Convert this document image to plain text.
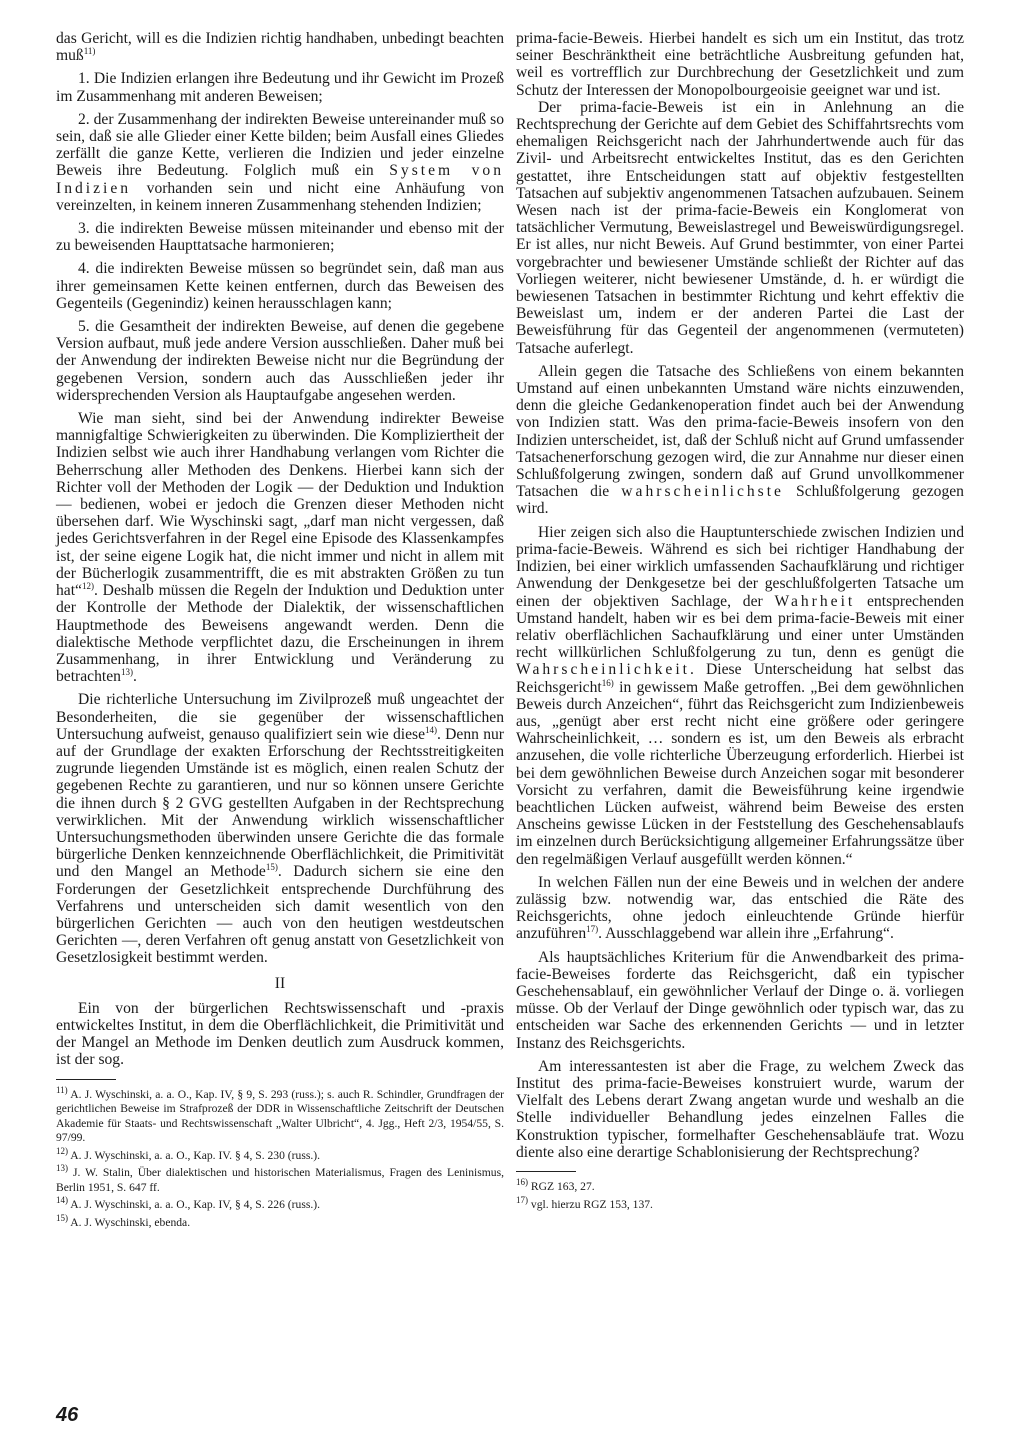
das Gericht, will es die Indizien richtig handhaben, unbedingt beachten muß$^{11)}$

1. Die Indizien erlangen ihre Bedeutung und ihr Gewicht im Prozeß im Zusammenhang mit anderen Beweisen;

2. der Zusammenhang der indirekten Beweise untereinander muß so sein, daß sie alle Glieder einer Kette bilden; beim Ausfall eines Gliedes zerfällt die ganze Kette, verlieren die Indizien und jeder einzelne Beweis ihre Bedeutung. Folglich muß ein System von Indizien vorhanden sein und nicht eine Anhäufung von vereinzelten, in keinem inneren Zusammenhang stehenden Indizien;

3. die indirekten Beweise müssen miteinander und ebenso mit der zu beweisenden Haupttatsache harmonieren;

4. die indirekten Beweise müssen so begründet sein, daß man aus ihrer gemeinsamen Kette keinen entfernen, durch das Beweisen des Gegenteils (Gegenindiz) keinen herausschlagen kann;

5. die Gesamtheit der indirekten Beweise, auf denen die gegebene Version aufbaut, muß jede andere Version ausschließen. Daher muß bei der Anwendung der indirekten Beweise nicht nur die Begründung der gegebenen Version, sondern auch das Ausschließen jeder ihr widersprechenden Version als Hauptaufgabe angesehen werden.

Wie man sieht, sind bei der Anwendung indirekter Beweise mannigfaltige Schwierigkeiten zu überwinden. Die Kompliziertheit der Indizien selbst wie auch ihrer Handhabung verlangen vom Richter die Beherrschung aller Methoden des Denkens. Hierbei kann sich der Richter voll der Methoden der Logik — der Deduktion und Induktion — bedienen, wobei er jedoch die Grenzen dieser Methoden nicht übersehen darf. Wie Wyschinski sagt, „darf man nicht vergessen, daß jedes Gerichtsverfahren in der Regel eine Episode des Klassenkampfes ist, der seine eigene Logik hat, die nicht immer und nicht in allem mit der Bücherlogik zusammentrifft, die es mit abstrakten Größen zu tun hat“$^{12)}$. Deshalb müssen die Regeln der Induktion und Deduktion unter der Kontrolle der Methode der Dialektik, der wissenschaftlichen Hauptmethode des Beweisens angewandt werden. Denn die dialektische Methode verpflichtet dazu, die Erscheinungen in ihrem Zusammenhang, in ihrer Entwicklung und Veränderung zu betrachten$^{13)}$.

Die richterliche Untersuchung im Zivilprozeß muß ungeachtet der Besonderheiten, die sie gegenüber der wissenschaftlichen Untersuchung aufweist, genauso qualifiziert sein wie diese$^{14)}$. Denn nur auf der Grundlage der exakten Erforschung der Rechtsstreitigkeiten zugrunde liegenden Umstände ist es möglich, einen realen Schutz der gegebenen Rechte zu garantieren, und nur so können unsere Gerichte die ihnen durch § 2 GVG gestellten Aufgaben in der Rechtsprechung verwirklichen. Mit der Anwendung wirklich wissenschaftlicher Untersuchungsmethoden überwinden unsere Gerichte die das formale bürgerliche Denken kennzeichnende Oberflächlichkeit, die Primitivität und den Mangel an Methode$^{15)}$. Dadurch sichern sie eine den Forderungen der Gesetzlichkeit entsprechende Durchführung des Verfahrens und unterscheiden sich damit wesentlich von den bürgerlichen Gerichten — auch von den heutigen westdeutschen Gerichten —, deren Verfahren oft genug anstatt von Gesetzlichkeit von Gesetzlosigkeit bestimmt werden.

II

Ein von der bürgerlichen Rechtswissenschaft und -praxis entwickeltes Institut, in dem die Oberflächlichkeit, die Primitivität und der Mangel an Methode im Denken deutlich zum Ausdruck kommen, ist der sog.

$^{11)}$ A. J. Wyschinski, a. a. O., Kap. IV, § 9, S. 293 (russ.); s. auch R. Schindler, Grundfragen der gerichtlichen Beweise im Strafprozeß der DDR in Wissenschaftliche Zeitschrift der Deutschen Akademie für Staats- und Rechtswissenschaft „Walter Ulbricht“, 4. Jgg., Heft 2/3, 1954/55, S. 97/99.

$^{12)}$ A. J. Wyschinski, a. a. O., Kap. IV. § 4, S. 230 (russ.).

$^{13)}$ J. W. Stalin, Über dialektischen und historischen Materialismus, Fragen des Leninismus, Berlin 1951, S. 647 ff.

$^{14)}$ A. J. Wyschinski, a. a. O., Kap. IV, § 4, S. 226 (russ.).

$^{15)}$ A. J. Wyschinski, ebenda.

prima-facie-Beweis. Hierbei handelt es sich um ein Institut, das trotz seiner Beschränktheit eine beträchtliche Ausbreitung gefunden hat, weil es vortrefflich zur Durchbrechung der Gesetzlichkeit und zum Schutz der Interessen der Monopolbourgeoisie geeignet war und ist.

Der prima-facie-Beweis ist ein in Anlehnung an die Rechtsprechung der Gerichte auf dem Gebiet des Schiffahrtsrechts vom ehemaligen Reichsgericht nach der Jahrhundertwende auch für das Zivil- und Arbeitsrecht entwickeltes Institut, das es den Gerichten gestattet, ihre Entscheidungen statt auf objektiv festgestellten Tatsachen auf subjektiv angenommenen Tatsachen aufzubauen. Seinem Wesen nach ist der prima-facie-Beweis ein Konglomerat von tatsächlicher Vermutung, Beweislastregel und Beweiswürdigungsregel. Er ist alles, nur nicht Beweis. Auf Grund bestimmter, von einer Partei vorgebrachter und bewiesener Umstände schließt der Richter auf das Vorliegen weiterer, nicht bewiesener Umstände, d. h. er würdigt die bewiesenen Tatsachen in bestimmter Richtung und kehrt effektiv die Beweislast um, indem er der anderen Partei die Last der Beweisführung für das Gegenteil der angenommenen (vermuteten) Tatsache auferlegt.

Allein gegen die Tatsache des Schließens von einem bekannten Umstand auf einen unbekannten Umstand wäre nichts einzuwenden, denn die gleiche Gedankenoperation findet auch bei der Anwendung von Indizien statt. Was den prima-facie-Beweis insofern von den Indizien unterscheidet, ist, daß der Schluß nicht auf Grund umfassender Tatsachenerforschung gezogen wird, die zur Annahme nur dieser einen Schlußfolgerung zwingen, sondern daß auf Grund unvollkommener Tatsachen die wahrscheinlichste Schlußfolgerung gezogen wird.

Hier zeigen sich also die Hauptunterschiede zwischen Indizien und prima-facie-Beweis. Während es sich bei richtiger Handhabung der Indizien, bei einer wirklich umfassenden Sachaufklärung und richtiger Anwendung der Denkgesetze bei der geschlußfolgerten Tatsache um einen der objektiven Sachlage, der Wahrheit entsprechenden Umstand handelt, haben wir es bei dem prima-facie-Beweis mit einer relativ oberflächlichen Sachaufklärung und einer unter Umständen recht willkürlichen Schlußfolgerung zu tun, denn es genügt die Wahrscheinlichkeit. Diese Unterscheidung hat selbst das Reichsgericht$^{16)}$ in gewissem Maße getroffen. „Bei dem gewöhnlichen Beweis durch Anzeichen“, führt das Reichsgericht zum Indizienbeweis aus, „genügt aber erst recht nicht eine größere oder geringere Wahrscheinlichkeit, … sondern es ist, um den Beweis als erbracht anzusehen, die volle richterliche Überzeugung erforderlich. Hierbei ist bei dem gewöhnlichen Beweise durch Anzeichen sogar mit besonderer Vorsicht zu verfahren, damit die Beweisführung keine irgendwie beachtlichen Lücken aufweist, während beim Beweise des ersten Anscheins gewisse Lücken in der Feststellung des Geschehensablaufs im einzelnen durch Berücksichtigung allgemeiner Erfahrungssätze über den regelmäßigen Verlauf ausgefüllt werden können.“

In welchen Fällen nun der eine Beweis und in welchen der andere zulässig bzw. notwendig war, das entschied die Räte des Reichsgerichts, ohne jedoch einleuchtende Gründe hierfür anzuführen$^{17)}$. Ausschlaggebend war allein ihre „Erfahrung“.

Als hauptsächliches Kriterium für die Anwendbarkeit des prima-facie-Beweises forderte das Reichsgericht, daß ein typischer Geschehensablauf, ein gewöhnlicher Verlauf der Dinge o. ä. vorliegen müsse. Ob der Verlauf der Dinge gewöhnlich oder typisch war, das zu entscheiden war Sache des erkennenden Gerichts — und in letzter Instanz des Reichsgerichts.

Am interessantesten ist aber die Frage, zu welchem Zweck das Institut des prima-facie-Beweises konstruiert wurde, warum der Vielfalt des Lebens derart Zwang angetan wurde und weshalb an die Stelle individueller Behandlung jedes einzelnen Falles die Konstruktion typischer, formelhafter Geschehensabläufe trat. Wozu diente also eine derartige Schablonisierung der Rechtsprechung?

$^{16)}$ RGZ 163, 27.

$^{17)}$ vgl. hierzu RGZ 153, 137.

46
